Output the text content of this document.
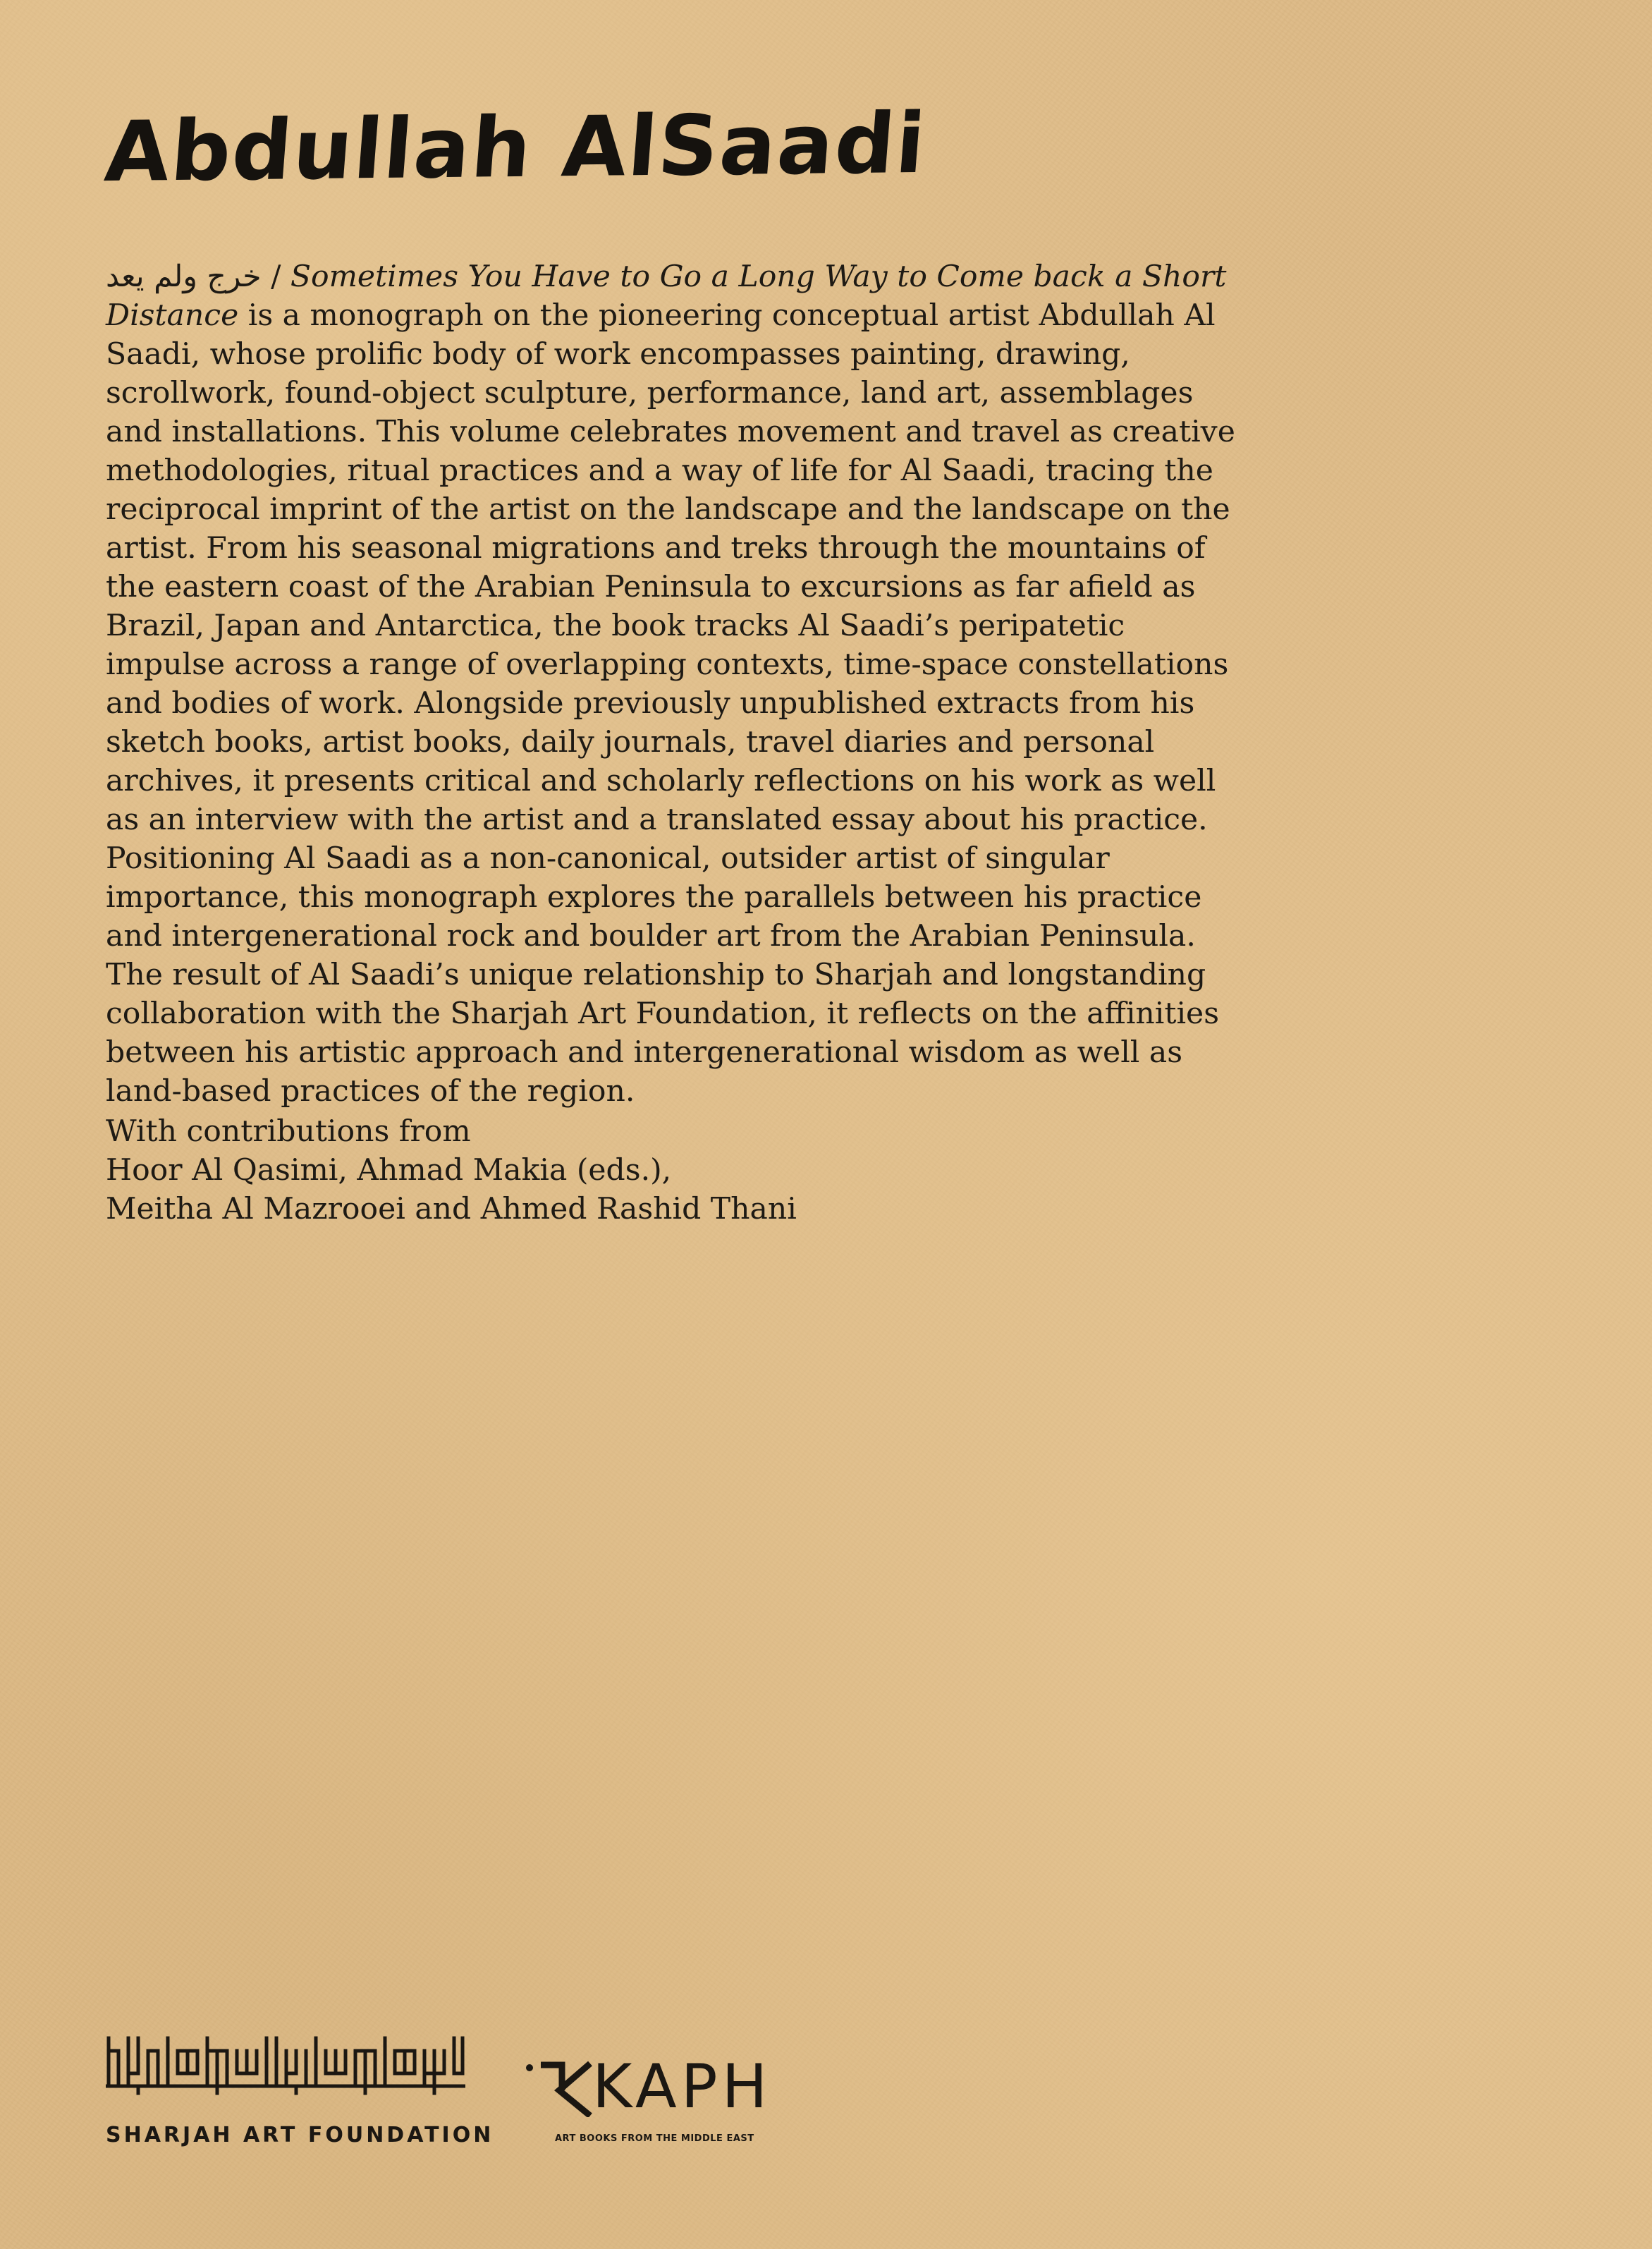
Abdullah AlSaadi

خرج ولم يعد / Sometimes You Have to Go a Long Way to Come back a Short Distance is a monograph on the pioneering conceptual artist Abdullah Al Saadi, whose prolific body of work encompasses painting, drawing, scrollwork, found-object sculpture, performance, land art, assemblages and installations. This volume celebrates movement and travel as creative methodologies, ritual practices and a way of life for Al Saadi, tracing the reciprocal imprint of the artist on the landscape and the landscape on the artist. From his seasonal migrations and treks through the mountains of the eastern coast of the Arabian Peninsula to excursions as far afield as Brazil, Japan and Antarctica, the book tracks Al Saadi’s peripatetic impulse across a range of overlapping contexts, time-space constellations and bodies of work. Alongside previously unpublished extracts from his sketch books, artist books, daily journals, travel diaries and personal archives, it presents critical and scholarly reflections on his work as well as an interview with the artist and a translated essay about his practice. Positioning Al Saadi as a non-canonical, outsider artist of singular importance, this monograph explores the parallels between his practice and intergenerational rock and boulder art from the Arabian Peninsula. The result of Al Saadi’s unique relationship to Sharjah and longstanding collaboration with the Sharjah Art Foundation, it reflects on the affinities between his artistic approach and intergenerational wisdom as well as land-based practices of the region.

With contributions from
Hoor Al Qasimi, Ahmad Makia (eds.),
Meitha Al Mazrooei and Ahmed Rashid Thani

SHARJAH ART FOUNDATION
KAPH
ART BOOKS FROM THE MIDDLE EAST
